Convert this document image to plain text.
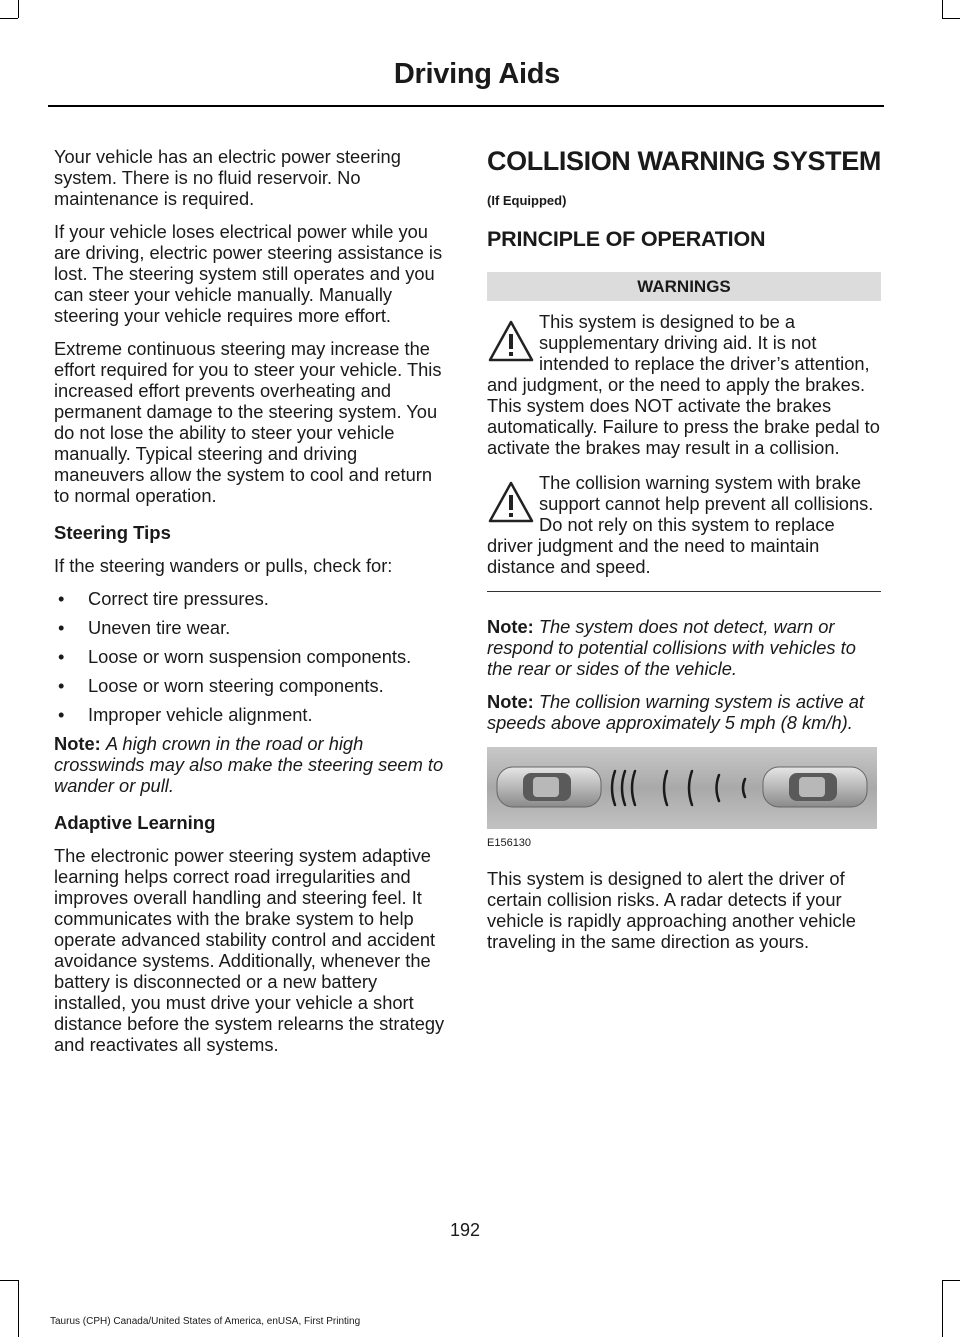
Driving Aids

Your vehicle has an electric power steering system. There is no fluid reservoir. No maintenance is required.

If your vehicle loses electrical power while you are driving, electric power steering assistance is lost. The steering system still operates and you can steer your vehicle manually. Manually steering your vehicle requires more effort.

Extreme continuous steering may increase the effort required for you to steer your vehicle. This increased effort prevents overheating and permanent damage to the steering system. You do not lose the ability to steer your vehicle manually. Typical steering and driving maneuvers allow the system to cool and return to normal operation.

Steering Tips

If the steering wanders or pulls, check for:

• Correct tire pressures.
• Uneven tire wear.
• Loose or worn suspension components.
• Loose or worn steering components.
• Improper vehicle alignment.

Note: A high crown in the road or high crosswinds may also make the steering seem to wander or pull.

Adaptive Learning

The electronic power steering system adaptive learning helps correct road irregularities and improves overall handling and steering feel. It communicates with the brake system to help operate advanced stability control and accident avoidance systems. Additionally, whenever the battery is disconnected or a new battery installed, you must drive your vehicle a short distance before the system relearns the strategy and reactivates all systems.

COLLISION WARNING SYSTEM
(If Equipped)
PRINCIPLE OF OPERATION
WARNINGS

This system is designed to be a supplementary driving aid. It is not intended to replace the driver’s attention, and judgment, or the need to apply the brakes. This system does NOT activate the brakes automatically. Failure to press the brake pedal to activate the brakes may result in a collision.

The collision warning system with brake support cannot help prevent all collisions. Do not rely on this system to replace driver judgment and the need to maintain distance and speed.

Note: The system does not detect, warn or respond to potential collisions with vehicles to the rear or sides of the vehicle.

Note: The collision warning system is active at speeds above approximately 5 mph (8 km/h).

E156130

This system is designed to alert the driver of certain collision risks. A radar detects if your vehicle is rapidly approaching another vehicle traveling in the same direction as yours.

192
Taurus (CPH) Canada/United States of America, enUSA, First Printing
